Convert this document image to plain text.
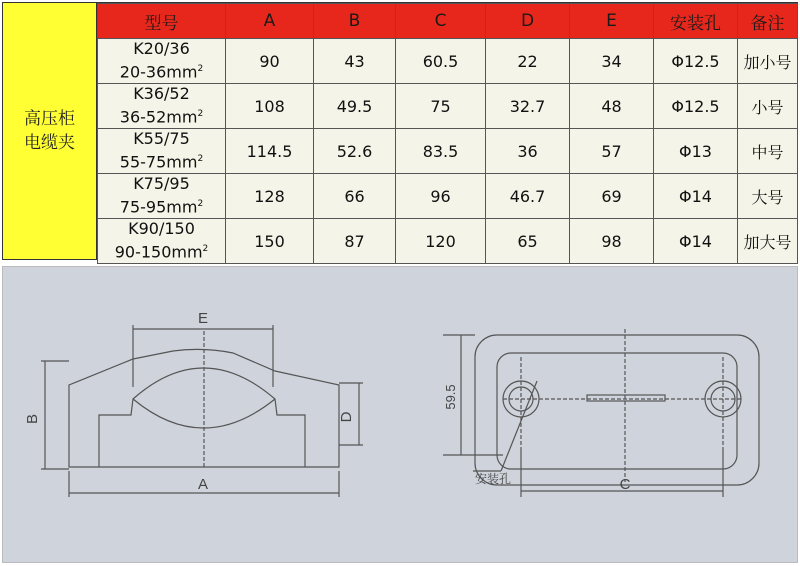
高压柜
电缆夹
型号	A	B	C	D	E	安装孔	备注

K20/36
$20-36mm^2$	90	43	60.5	22	34	Φ12.5	加小号

K36/52
$36-52mm^2$	108	49.5	75	32.7	48	Φ12.5	小号

K55/75
$55-75mm^2$	114.5	52.6	83.5	36	57	Φ13	中号

K75/95
$75-95mm^2$	128	66	96	46.7	69	Φ14	大号

K90/150
$90-150mm^2$	150	87	120	65	98	Φ14	加大号
E
A
B	D
C
59.5
安装孔
